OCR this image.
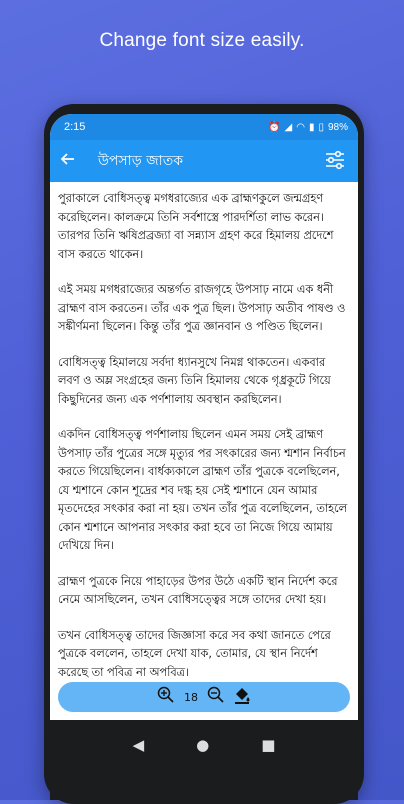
Change font size easily.
2:15	⏰ ◢ ◠ ▮ ▯ 98%
উপসাড় জাতক

পুরাকালে বোধিসত্ত্ব মগধরাজ্যের এক ব্রাহ্মণকুলে জন্মগ্রহণ করেছিলেন। কালক্রমে তিনি সর্বশাস্ত্রে পারদর্শিতা লাভ করেন। তারপর তিনি ঋষিপ্রব্রজ্যা বা সন্ন্যাস গ্রহণ করে হিমালয় প্রদেশে বাস করতে থাকেন।

এই সময় মগধরাজ্যের অন্তর্গত রাজগৃহে উপসাঢ় নামে এক ধনী ব্রাহ্মণ বাস করতেন। তাঁর এক পুত্র ছিল। উপসাঢ় অতীব পাষণ্ড ও সঙ্কীর্ণমনা ছিলেন। কিন্তু তাঁর পুত্র জ্ঞানবান ও পণ্ডিত ছিলেন।

বোধিসত্ত্ব হিমালয়ে সর্বদা ধ্যানসুখে নিমগ্ন থাকতেন। একবার লবণ ও অম্ল সংগ্রহের জন্য তিনি হিমালয় থেকে গৃধ্রকূটে গিয়ে কিছুদিনের জন্য এক পর্ণশালায় অবস্থান করছিলেন।

একদিন বোধিসত্ত্ব পর্ণশালায় ছিলেন এমন সময় সেই ব্রাহ্মণ উপসাঢ় তাঁর পুত্রের সঙ্গে মৃত্যুর পর সৎকারের জন্য শ্মশান নির্বাচন করতে গিয়েছিলেন। বার্ধক্যকালে ব্রাহ্মণ তাঁর পুত্রকে বলেছিলেন, যে শ্মশানে কোন শূদ্রের শব দগ্ধ হয় সেই শ্মশানে যেন আমার মৃতদেহের সৎকার করা না হয়। তখন তাঁর পুত্র বলেছিলেন, তাহলে কোন শ্মশানে আপনার সৎকার করা হবে তা নিজে গিয়ে আমায় দেখিয়ে দিন।

ব্রাহ্মণ পুত্রকে নিয়ে পাহাড়ের উপর উঠে একটি স্থান নির্দেশ করে নেমে আসছিলেন, তখন বোধিসত্ত্বের সঙ্গে তাদের দেখা হয়।

তখন বোধিসত্ত্ব তাদের জিজ্ঞাসা করে সব কথা জানতে পেরে পুত্রকে বললেন, তাহলে দেখা যাক, তোমার, যে স্থান নির্দেশ করেছে তা পবিত্র না অপবিত্র।

18
◀	●	■
